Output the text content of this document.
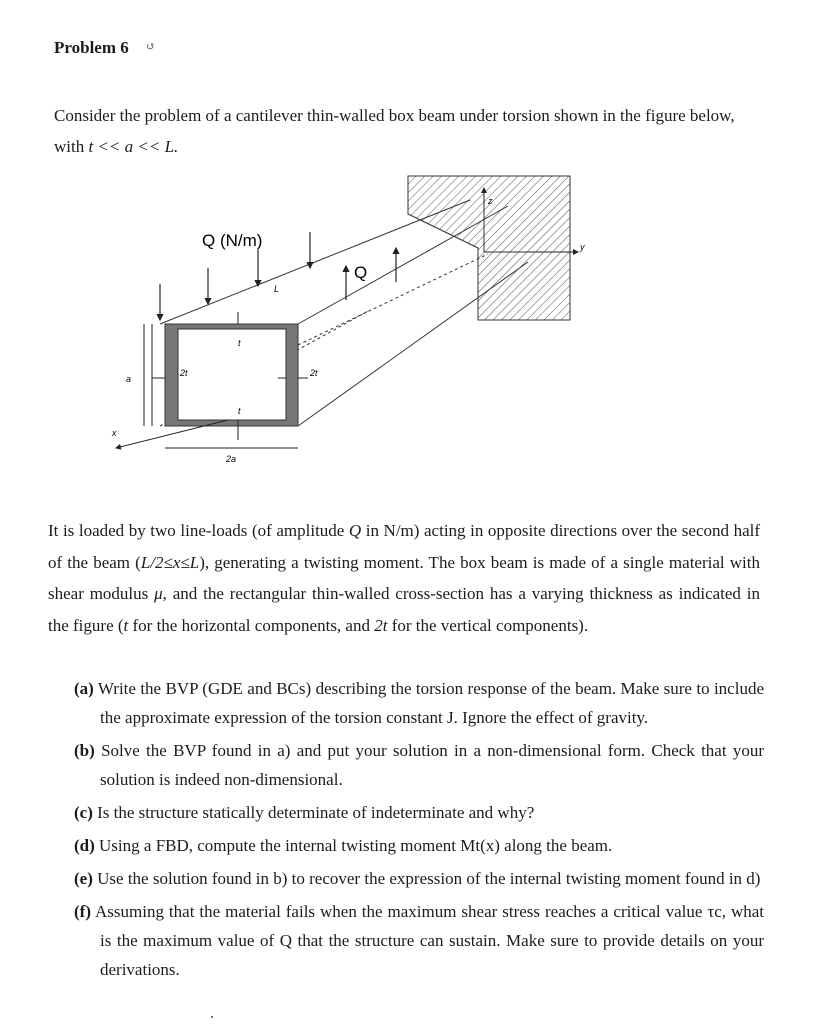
Problem 6 ↺
Consider the problem of a cantilever thin-walled box beam under torsion shown in the figure below,
with t << a << L.
Q (N/m)
Q
L
z
y
x
a
2a
t
t
2t	2t
It is loaded by two line-loads (of amplitude Q in N/m) acting in opposite directions over the second half of the beam (L/2≤x≤L), generating a twisting moment. The box beam is made of a single material with shear modulus μ, and the rectangular thin-walled cross-section has a varying thickness as indicated in the figure (t for the horizontal components, and 2t for the vertical components).
(a) Write the BVP (GDE and BCs) describing the torsion response of the beam. Make sure to include the approximate expression of the torsion constant J. Ignore the effect of gravity.
(b) Solve the BVP found in a) and put your solution in a non-dimensional form. Check that your solution is indeed non-dimensional.
(c) Is the structure statically determinate of indeterminate and why?
(d) Using a FBD, compute the internal twisting moment Mt(x) along the beam.
(e) Use the solution found in b) to recover the expression of the internal twisting moment found in d)
(f) Assuming that the material fails when the maximum shear stress reaches a critical value τc, what is the maximum value of Q that the structure can sustain. Make sure to provide details on your derivations.
